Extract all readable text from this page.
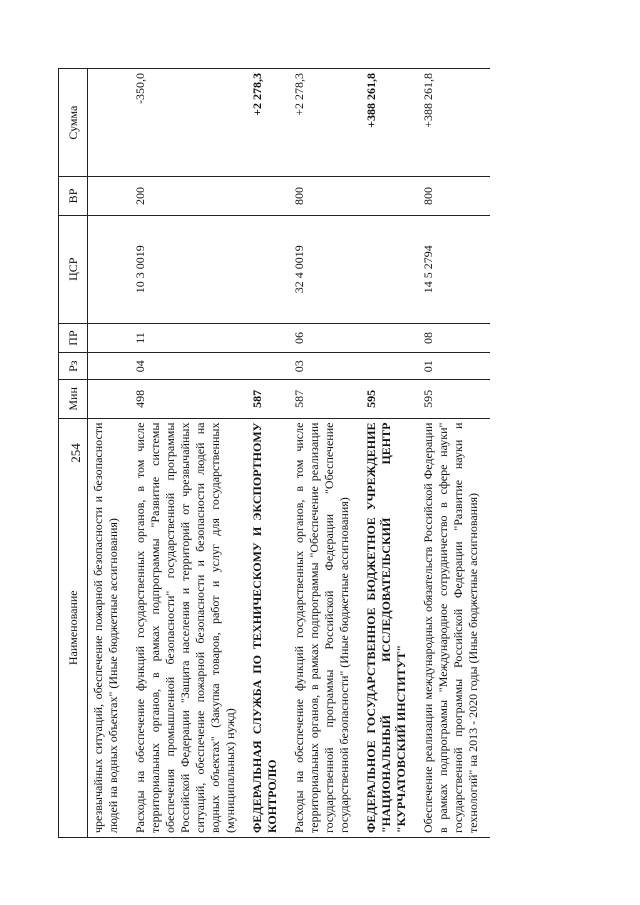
254
Наименование	Мин	Рз	ПР	ЦСР	ВР	Сумма
чрезвычайных ситуаций, обеспечение пожарной безопасности и безопасности людей на водных объектах" (Иные бюджетные ассигнования)						

Расходы на обеспечение функций государственных органов, в том числе территориальных органов, в рамках подпрограммы "Развитие системы обеспечения промышленной безопасности" государственной программы Российской Федерации "Защита населения и территорий от чрезвычайных ситуаций, обеспечение пожарной безопасности и безопасности людей на водных объектах" (Закупка товаров, работ и услуг для государственных (муниципальных) нужд)	498	04	11	10 3 0019	200	-350,0

ФЕДЕРАЛЬНАЯ СЛУЖБА ПО ТЕХНИЧЕСКОМУ И ЭКСПОРТНОМУ КОНТРОЛЮ	587					+2 278,3

Расходы на обеспечение функций государственных органов, в том числе территориальных органов, в рамках подпрограммы "Обеспечение реализации государственной программы Российской Федерации "Обеспечение государственной безопасности" (Иные бюджетные ассигнования)	587	03	06	32 4 0019	800	+2 278,3

ФЕДЕРАЛЬНОЕ ГОСУДАРСТВЕННОЕ БЮДЖЕТНОЕ УЧРЕЖДЕНИЕ "НАЦИОНАЛЬНЫЙ ИССЛЕДОВАТЕЛЬСКИЙ ЦЕНТР "КУРЧАТОВСКИЙ ИНСТИТУТ"	595					+388 261,8

Обеспечение реализации международных обязательств Российской Федерации в рамках подпрограммы "Международное сотрудничество в сфере науки" государственной программы Российской Федерации "Развитие науки и технологий" на 2013 - 2020 годы (Иные бюджетные ассигнования)	595	01	08	14 5 2794	800	+388 261,8
